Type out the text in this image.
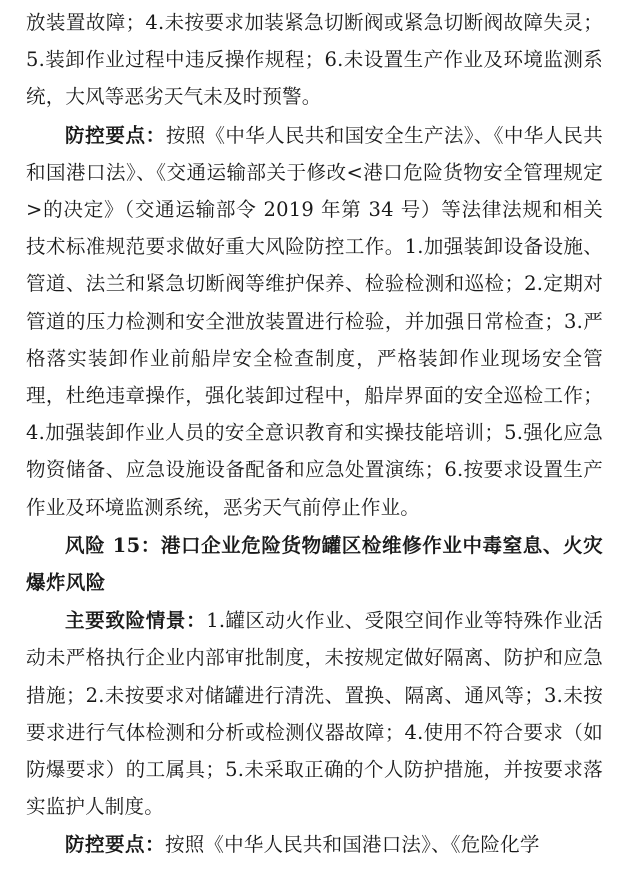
放装置故障；4.未按要求加装紧急切断阀或紧急切断阀故障失灵；5.装卸作业过程中违反操作规程；6.未设置生产作业及环境监测系统，大风等恶劣天气未及时预警。

防控要点：按照《中华人民共和国安全生产法》、《中华人民共和国港口法》、《交通运输部关于修改<港口危险货物安全管理规定>的决定》（交通运输部令 2019 年第 34 号）等法律法规和相关技术标准规范要求做好重大风险防控工作。1.加强装卸设备设施、管道、法兰和紧急切断阀等维护保养、检验检测和巡检；2.定期对管道的压力检测和安全泄放装置进行检验，并加强日常检查；3.严格落实装卸作业前船岸安全检查制度，严格装卸作业现场安全管理，杜绝违章操作，强化装卸过程中，船岸界面的安全巡检工作；4.加强装卸作业人员的安全意识教育和实操技能培训；5.强化应急物资储备、应急设施设备配备和应急处置演练；6.按要求设置生产作业及环境监测系统，恶劣天气前停止作业。

风险 15：港口企业危险货物罐区检维修作业中毒窒息、火灾爆炸风险

主要致险情景：1.罐区动火作业、受限空间作业等特殊作业活动未严格执行企业内部审批制度，未按规定做好隔离、防护和应急措施；2.未按要求对储罐进行清洗、置换、隔离、通风等；3.未按要求进行气体检测和分析或检测仪器故障；4.使用不符合要求（如防爆要求）的工属具；5.未采取正确的个人防护措施，并按要求落实监护人制度。

防控要点：按照《中华人民共和国港口法》、《危险化学
